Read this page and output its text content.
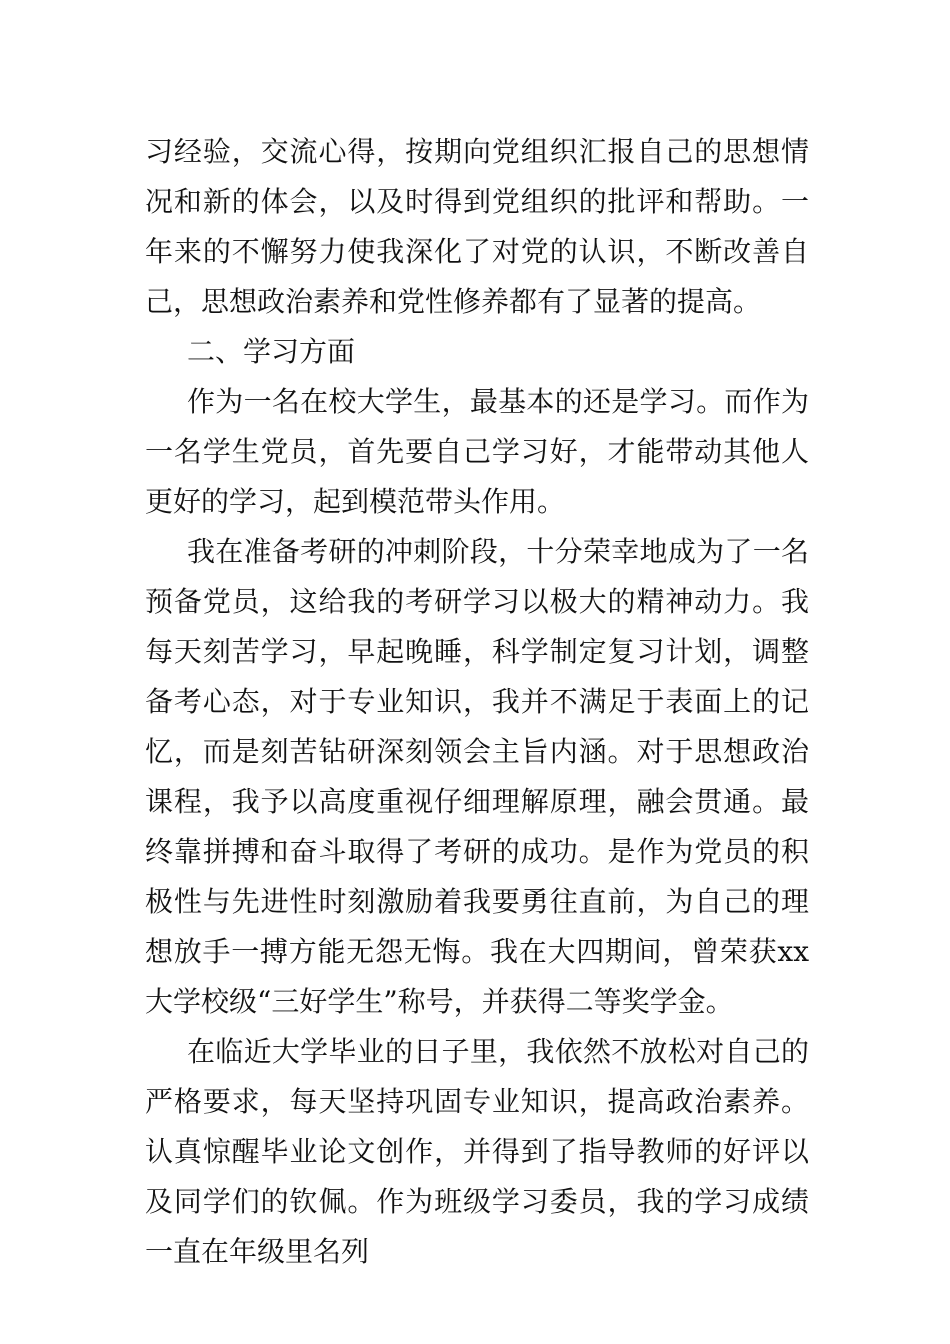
习经验，交流心得，按期向党组织汇报自己的思想情况和新的体会，以及时得到党组织的批评和帮助。一年来的不懈努力使我深化了对党的认识，不断改善自己，思想政治素养和党性修养都有了显著的提高。

二、学习方面

作为一名在校大学生，最基本的还是学习。而作为一名学生党员，首先要自己学习好，才能带动其他人更好的学习，起到模范带头作用。

我在准备考研的冲刺阶段，十分荣幸地成为了一名预备党员，这给我的考研学习以极大的精神动力。我每天刻苦学习，早起晚睡，科学制定复习计划，调整备考心态，对于专业知识，我并不满足于表面上的记忆，而是刻苦钻研深刻领会主旨内涵。对于思想政治课程，我予以高度重视仔细理解原理，融会贯通。最终靠拼搏和奋斗取得了考研的成功。是作为党员的积极性与先进性时刻激励着我要勇往直前，为自己的理想放手一搏方能无怨无悔。我在大四期间，曾荣获xx大学校级“三好学生”称号，并获得二等奖学金。

在临近大学毕业的日子里，我依然不放松对自己的严格要求，每天坚持巩固专业知识，提高政治素养。认真惊醒毕业论文创作，并得到了指导教师的好评以及同学们的钦佩。作为班级学习委员，我的学习成绩一直在年级里名列
